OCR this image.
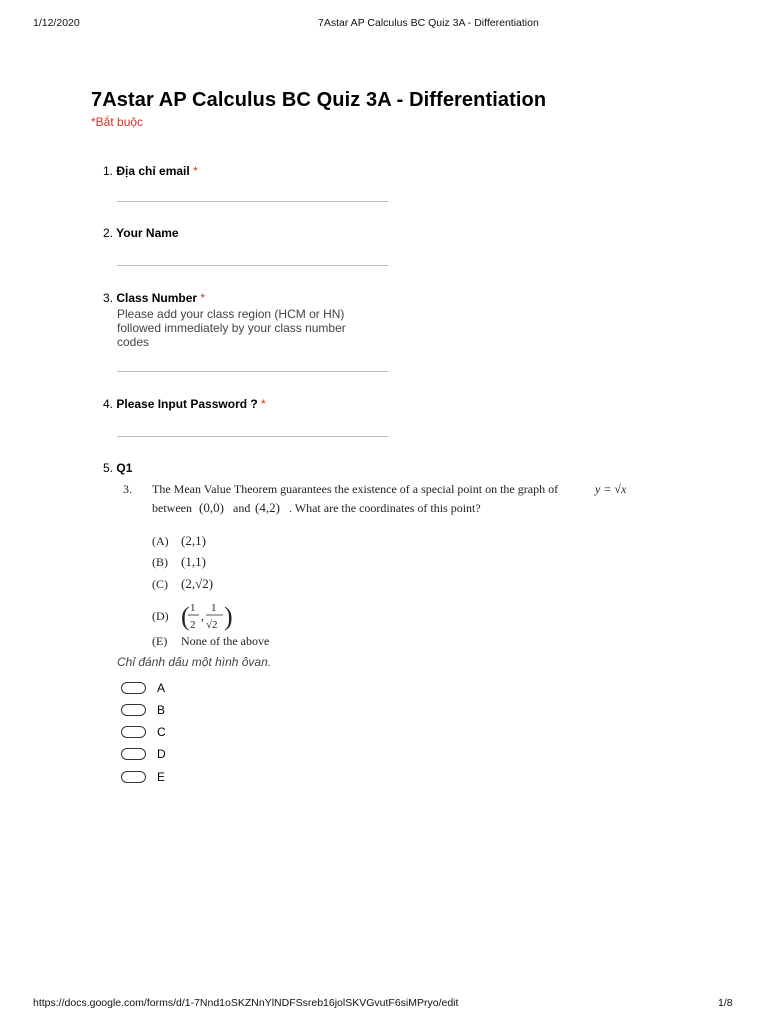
1/12/2020	7Astar AP Calculus BC Quiz 3A - Differentiation
7Astar AP Calculus BC Quiz 3A - Differentiation
*Bắt buộc
1. Địa chỉ email *
2. Your Name
3. Class Number *
Please add your class region (HCM or HN) followed immediately by your class number codes
4. Please Input Password ? *
5. Q1
3. The Mean Value Theorem guarantees the existence of a special point on the graph of	y = √x
between (0,0) and (4,2) . What are the coordinates of this point?
(A) (2,1)
(B) (1,1)
(C) (2,√2)
(D) ( 1
2
,
1
√2 )
(E) None of the above
Chỉ đánh dấu một hình ôvan.
A
B
C
D
E
https://docs.google.com/forms/d/1-7Nnd1oSKZNnYlNDFSsreb16jolSKVGvutF6siMPryo/edit	1/8
